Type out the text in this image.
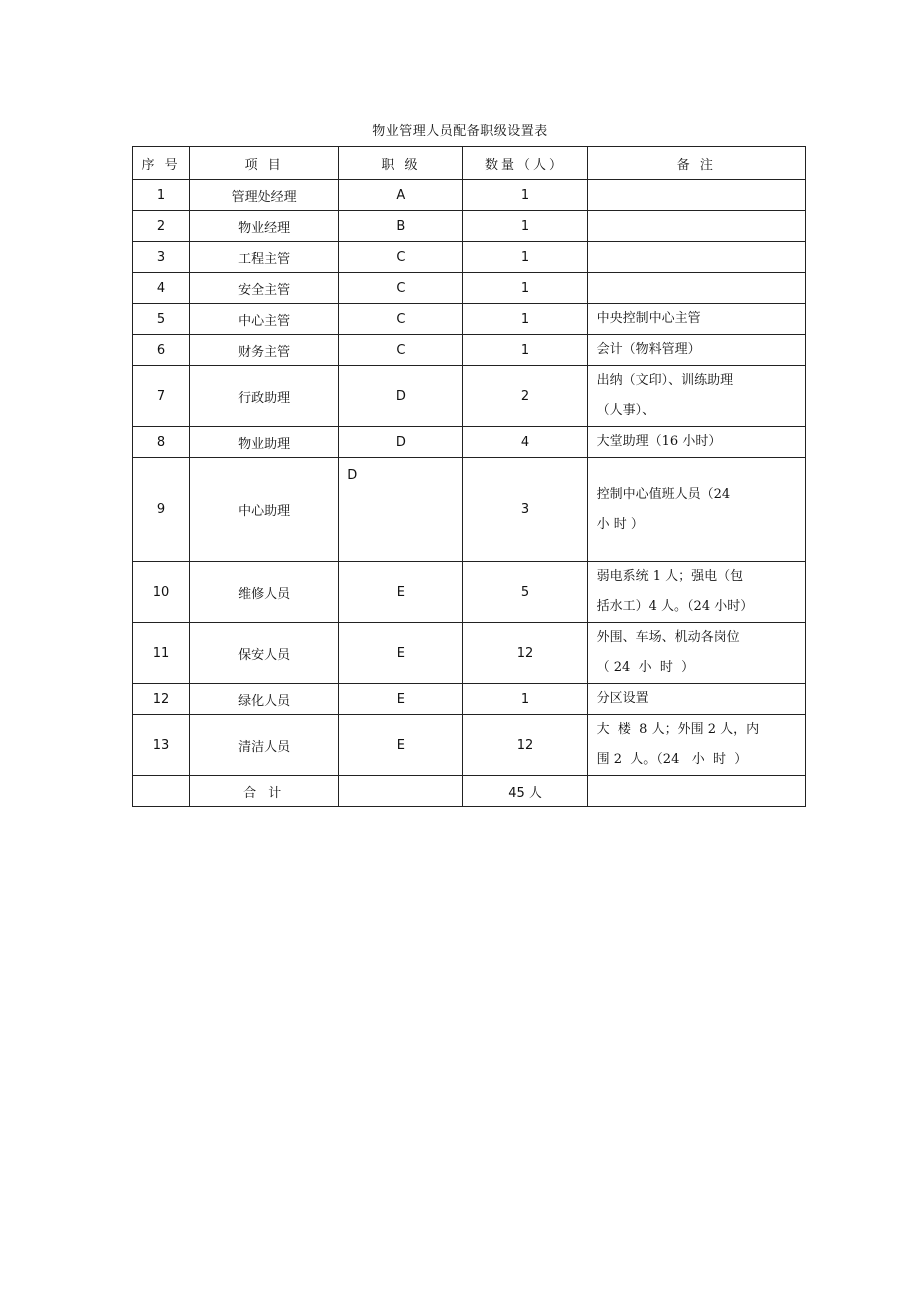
物业管理人员配备职级设置表
序 号	项 目	职 级	数量（人）	备 注
1	管理处经理	A	1	
2	物业经理	B	1	
3	工程主管	C	1	
4	安全主管	C	1	
5	中心主管	C	1	中央控制中心主管
6	财务主管	C	1	会计（物料管理）
7	行政助理	D	2	出纳（文印）、训练助理
（人事）、
8	物业助理	D	4	大堂助理（16 小时）
9	中心助理	D	3	控制中心值班人员（24
小 时 ）
10	维修人员	E	5	弱电系统 1 人；强电（包
括水工）4 人。（24 小时）
11	保安人员	E	12	外围、车场、机动各岗位
（ 24  小  时  ）
12	绿化人员	E	1	分区设置
13	清洁人员	E	12	大  楼  8 人；外围 2 人，内
围 2  人。（24   小  时  ）
	合 计		45 人	
